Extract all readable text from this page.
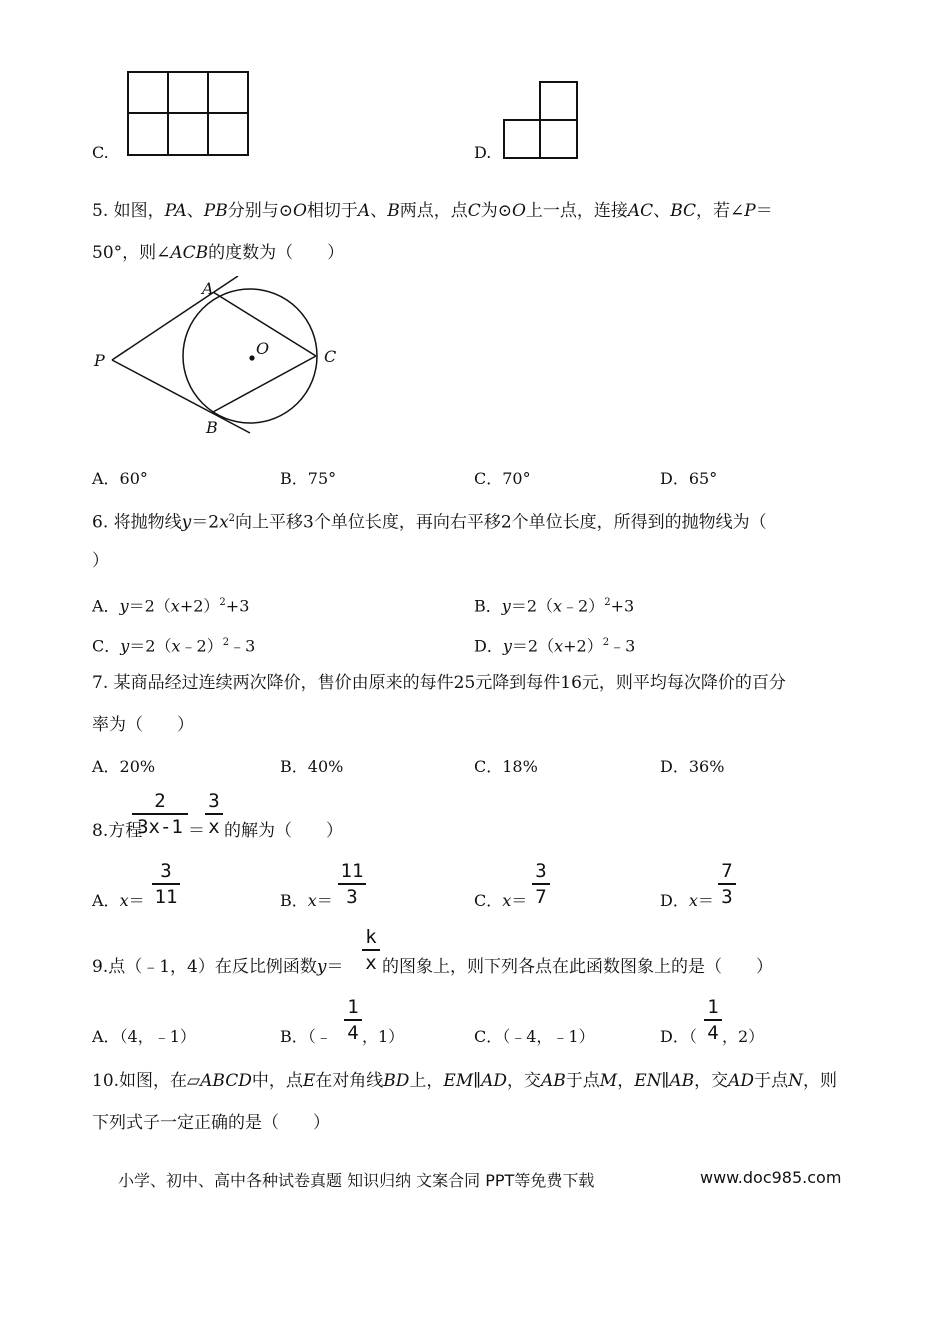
C.	D.
5. 如图，PA、PB分别与⊙O相切于A、B两点，点C为⊙O上一点，连接AC、BC，若∠P＝
50°，则∠ACB的度数为（　　）
A
B
C
O
P
A．60°	B．75°	C．70°	D．65°
6. 将抛物线$y=2x^2$向上平移3个单位长度，再向右平移2个单位长度，所得到的抛物线为（
）
A．$y=2(x+2)^2+3$	B．y＝2（x﹣2）$^2$+3
C．y＝2（x﹣2）$^2$﹣3	D．$y=2(x+2)^2﹣3$
7. 某商品经过连续两次降价，售价由原来的每件25元降到每件16元，则平均每次降价的百分
率为（　　）
A．20%	B．40%	C．18%	D．36%
8.方程
2
3x-1 ＝
3
x 的解为（　　）
A．x＝
3
11	B．x＝
11
3	C．x＝
3
7	D．x＝
7
3
9.点（﹣1，4）在反比例函数y＝
k
x 的图象上，则下列各点在此函数图象上的是（　　）
A．（4，﹣1）	B．（﹣
1
4 ，1）	C．（﹣4，﹣1）	D．（
1
4 ，2）
10.如图，在▱ABCD中，点E在对角线BD上，EM∥AD，交AB于点M，EN∥AB，交AD于点N，则
下列式子一定正确的是（　　）
小学、初中、高中各种试卷真题 知识归纳 文案合同 PPT等免费下载	www.doc985.com
